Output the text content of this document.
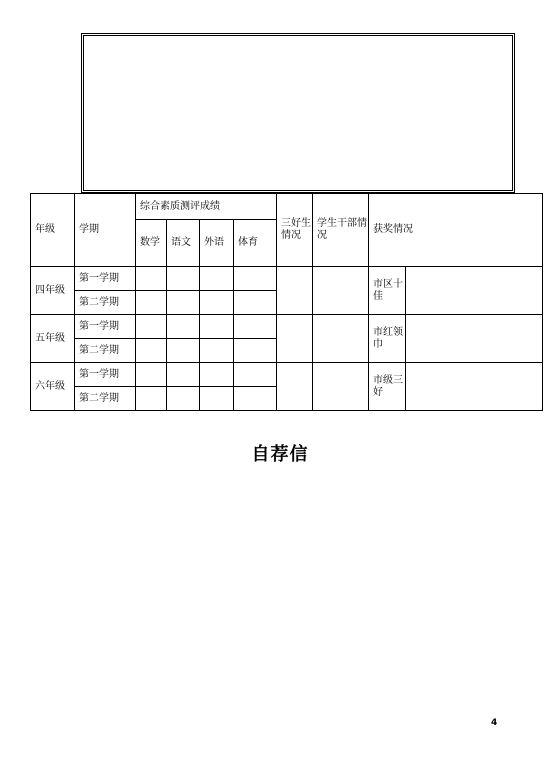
年级	学期	综合素质测评成绩				三好生情况	学生干部情况	获奖情况	
		数学	语文	外语	体育				
四年级	第一学期							市区十佳	
	第二学期								
五年级	第一学期							市红领巾	
	第二学期								
六年级	第一学期							市级三好	
	第二学期								
自荐信
4
